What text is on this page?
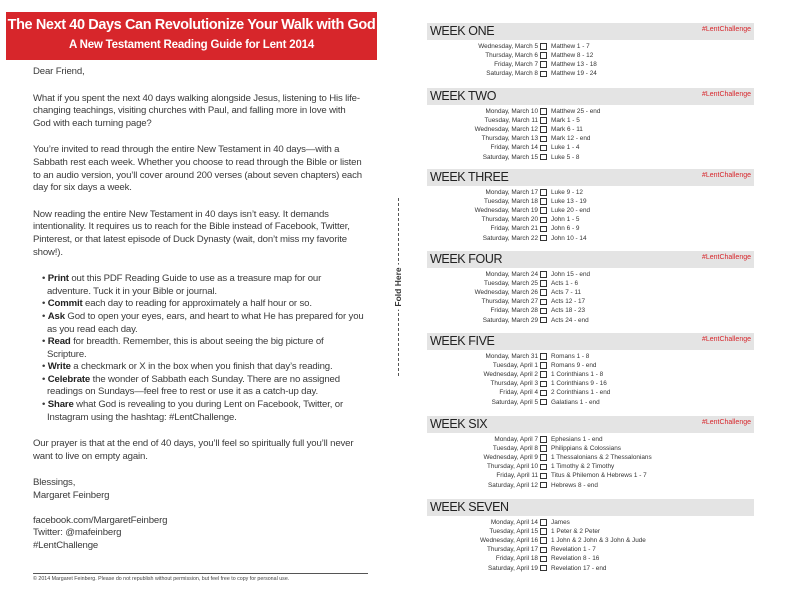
The Next 40 Days Can Revolutionize Your Walk with God
A New Testament Reading Guide for Lent 2014

Dear Friend,

What if you spent the next 40 days walking alongside Jesus, listening to His life-changing teachings, visiting churches with Paul, and falling more in love with God with each turning page?

You’re invited to read through the entire New Testament in 40 days—with a Sabbath rest each week. Whether you choose to read through the Bible or listen to an audio version, you’ll cover around 200 verses (about seven chapters) each day for six days a week.

Now reading the entire New Testament in 40 days isn’t easy. It demands intentionality. It requires us to reach for the Bible instead of Facebook, Twitter, Pinterest, or that latest episode of Duck Dynasty (wait, don’t miss my favorite show!).

• Print out this PDF Reading Guide to use as a treasure map for our adventure. Tuck it in your Bible or journal.
• Commit each day to reading for approximately a half hour or so.
• Ask God to open your eyes, ears, and heart to what He has prepared for you as you read each day.
• Read for breadth. Remember, this is about seeing the big picture of Scripture.
• Write a checkmark or X in the box when you finish that day’s reading.
• Celebrate the wonder of Sabbath each Sunday. There are no assigned readings on Sundays—feel free to rest or use it as a catch-up day.
• Share what God is revealing to you during Lent on Facebook, Twitter, or Instagram using the hashtag: #LentChallenge.

Our prayer is that at the end of 40 days, you’ll feel so spiritually full you’ll never want to live on empty again.

Blessings,
Margaret Feinberg
facebook.com/MargaretFeinberg
Twitter: @mafeinberg
#LentChallenge
© 2014 Margaret Feinberg. Please do not republish without permission, but feel free to copy for personal use.
Fold Here
WEEK ONE	#LentChallenge
Wednesday, March 5	Matthew 1 - 7
Thursday, March 6	Matthew 8 - 12
Friday, March 7	Matthew 13 - 18
Saturday, March 8	Matthew 19 - 24
WEEK TWO	#LentChallenge
Monday, March 10	Matthew 25 - end
Tuesday, March 11	Mark 1 - 5
Wednesday, March 12	Mark 6 - 11
Thursday, March 13	Mark 12 - end
Friday, March 14	Luke 1 - 4
Saturday, March 15	Luke 5 - 8
WEEK THREE	#LentChallenge
Monday, March 17	Luke 9 - 12
Tuesday, March 18	Luke 13 - 19
Wednesday, March 19	Luke 20 - end
Thursday, March 20	John 1 - 5
Friday, March 21	John 6 - 9
Saturday, March 22	John 10 - 14
WEEK FOUR	#LentChallenge
Monday, March 24	John 15 - end
Tuesday, March 25	Acts 1 - 6
Wednesday, March 26	Acts 7 - 11
Thursday, March 27	Acts 12 - 17
Friday, March 28	Acts 18 - 23
Saturday, March 29	Acts 24 - end
WEEK FIVE	#LentChallenge
Monday, March 31	Romans 1 - 8
Tuesday, April 1	Romans 9 - end
Wednesday, April 2	1 Corinthians 1 - 8
Thursday, April 3	1 Corinthians 9 - 16
Friday, April 4	2 Corinthians 1 - end
Saturday, April 5	Galatians 1 - end
WEEK SIX	#LentChallenge
Monday, April 7	Ephesians 1 - end
Tuesday, April 8	Philippians & Colossians
Wednesday, April 9	1 Thessalonians & 2 Thessalonians
Thursday, April 10	1 Timothy & 2 Timothy
Friday, April 11	Titus & Philemon & Hebrews 1 - 7
Saturday, April 12	Hebrews 8 - end
WEEK SEVEN
Monday, April 14	James
Tuesday, April 15	1 Peter & 2 Peter
Wednesday, April 16	1 John & 2 John & 3 John & Jude
Thursday, April 17	Revelation 1 - 7
Friday, April 18	Revelation 8 - 16
Saturday, April 19	Revelation 17 - end
